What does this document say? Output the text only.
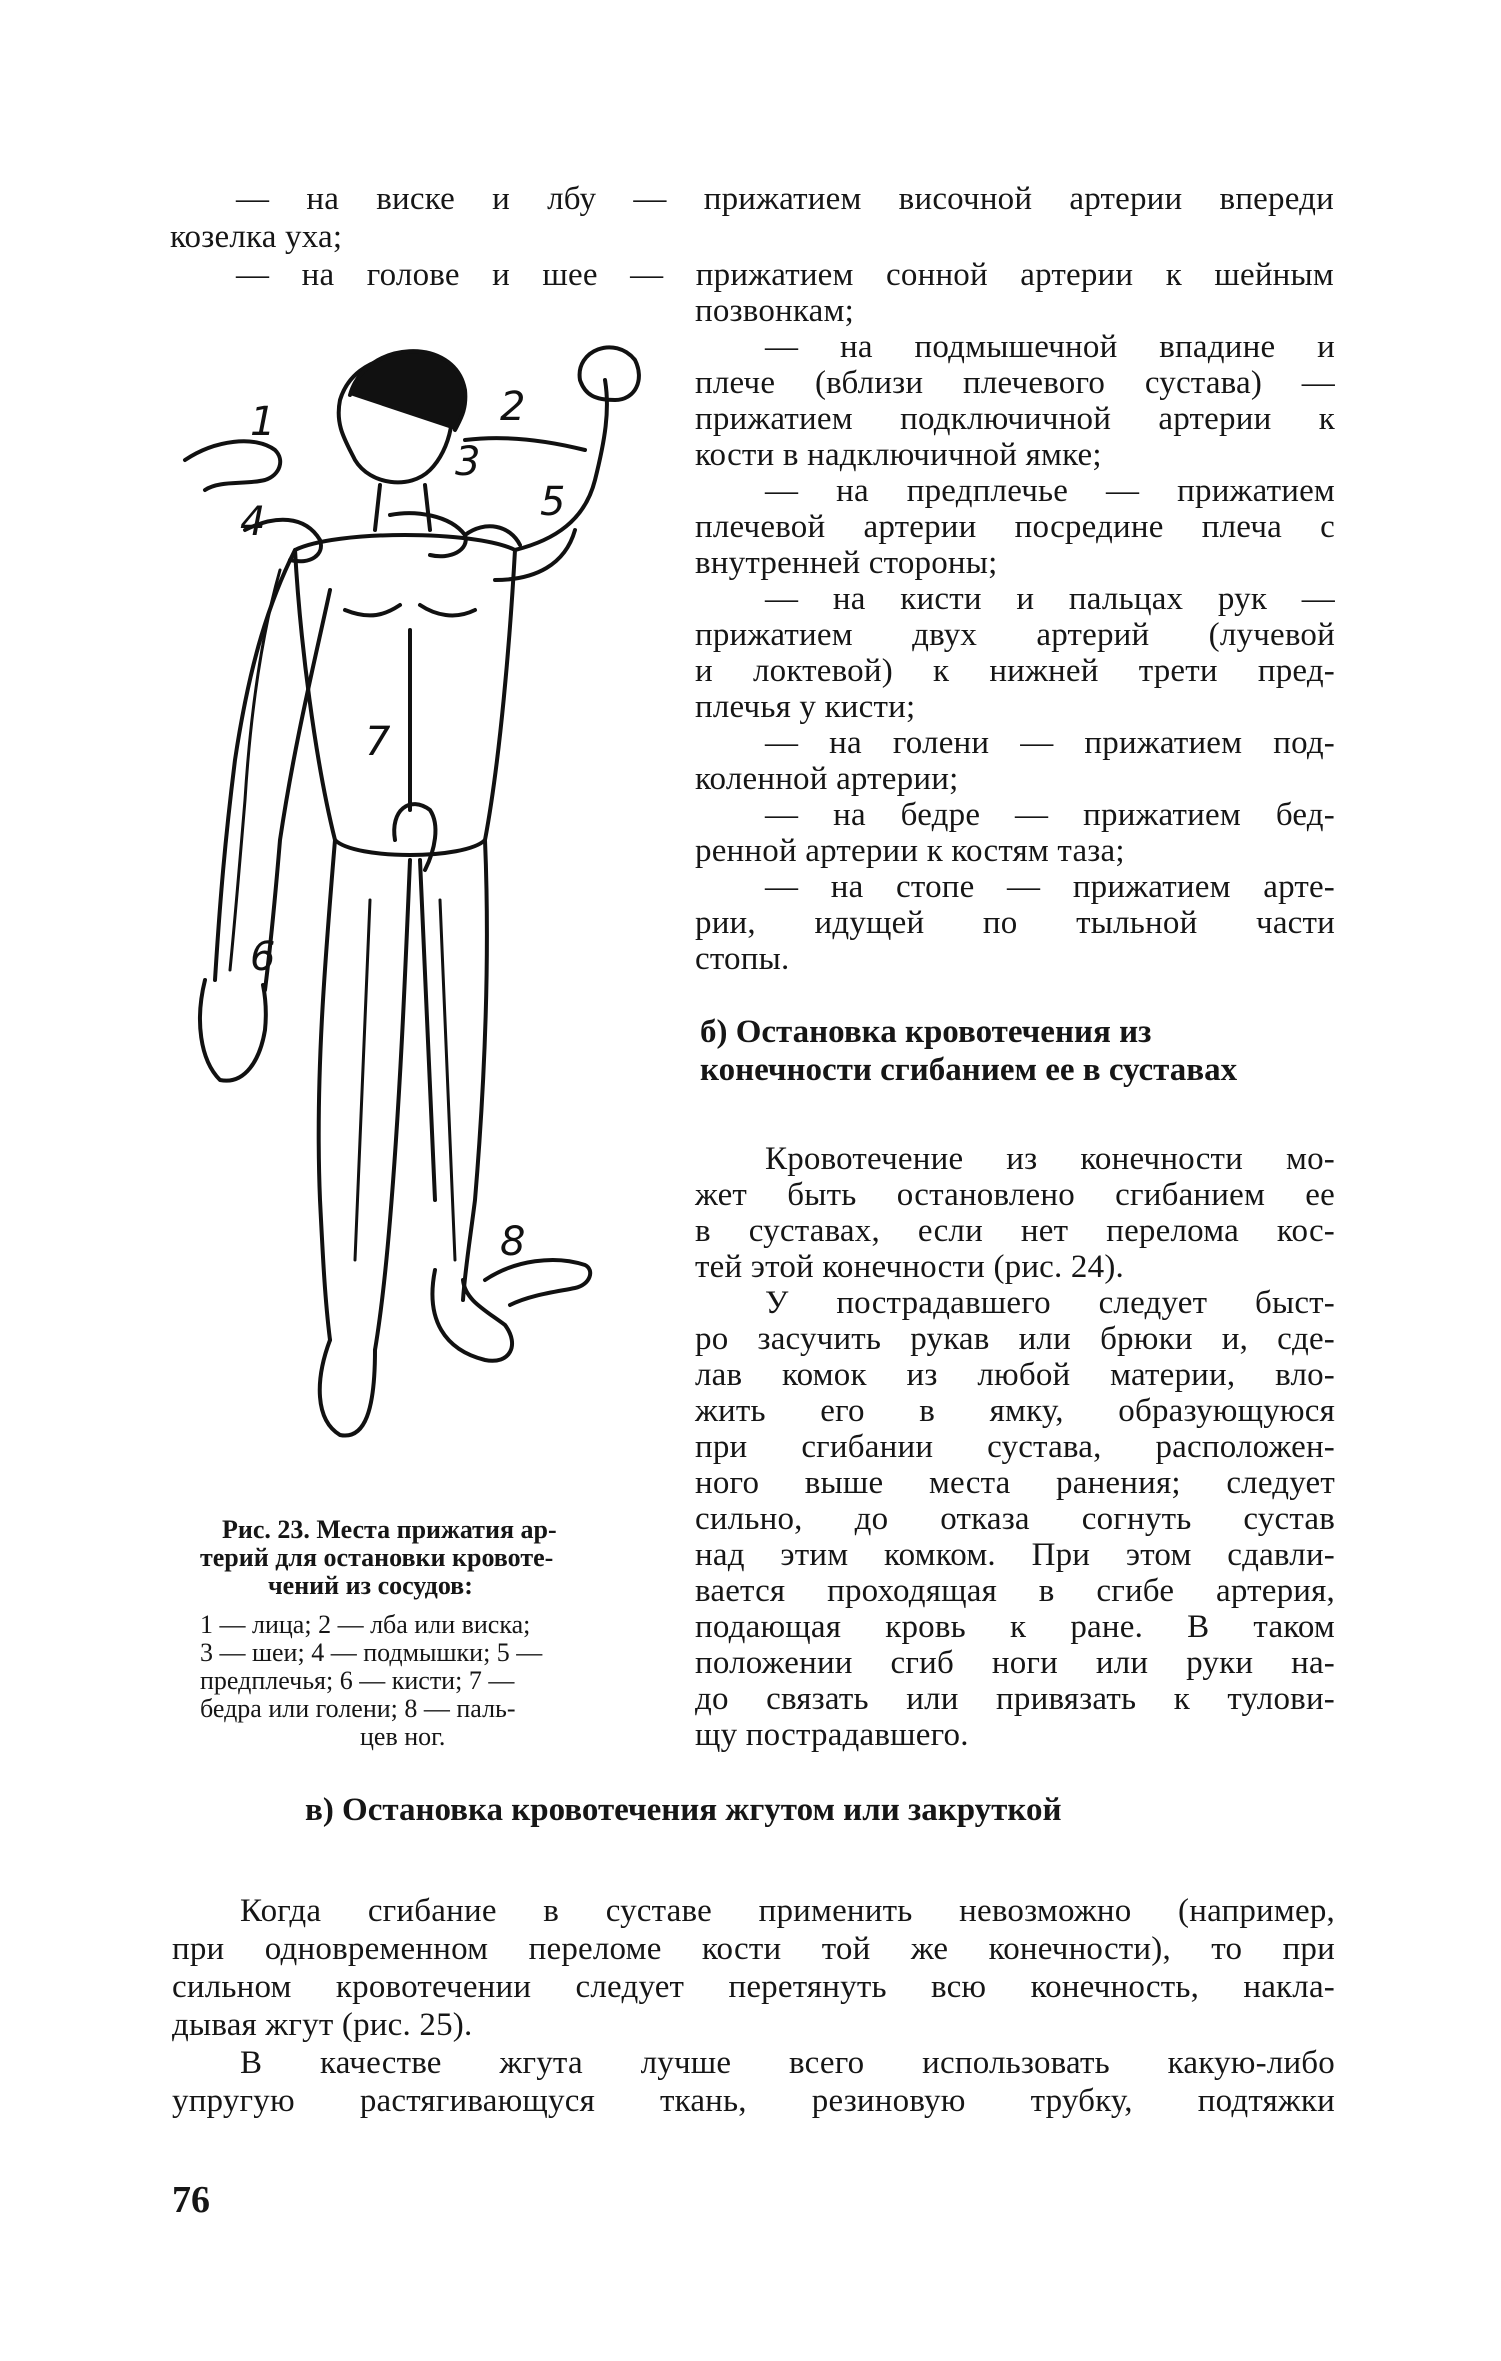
— на виске и лбу — прижатием височной артерии впереди

козелка уха;

— на голове и шее — прижатием сонной артерии к шейным

позвонкам;

— на подмышечной впадине и

плече (вблизи плечевого сустава) —

прижатием подключичной артерии к

кости в надключичной ямке;

— на предплечье — прижатием

плечевой артерии посредине плеча с

внутренней стороны;

— на кисти и пальцах рук —

прижатием двух артерий (лучевой

и локтевой) к нижней трети пред-

плечья у кисти;

— на голени — прижатием под-

коленной артерии;

— на бедре — прижатием бед-

ренной артерии к костям таза;

— на стопе — прижатием арте-

рии, идущей по тыльной части

стопы.

б) Остановка кровотечения из

конечности сгибанием ее в суставах

Кровотечение из конечности мо-

жет быть остановлено сгибанием ее

в суставах, если нет перелома кос-

тей этой конечности (рис. 24).

У пострадавшего следует быст-

ро засучить рукав или брюки и, сде-

лав комок из любой материи, вло-

жить его в ямку, образующуюся

при сгибании сустава, расположен-

ного выше места ранения; следует

сильно, до отказа согнуть сустав

над этим комком. При этом сдавли-

вается проходящая в сгибе артерия,

подающая кровь к ране. В таком

положении сгиб ноги или руки на-

до связать или привязать к тулови-

щу пострадавшего.

1	2
3
4	5
6
7
8

Рис. 23. Места прижатия ар-

терий для остановки кровоте-

чений из сосудов:

1 — лица; 2 — лба или виска;

3 — шеи; 4 — подмышки; 5 —

предплечья; 6 — кисти; 7 —

бедра или голени; 8 — паль-

цев ног.

в) Остановка кровотечения жгутом или закруткой

Когда сгибание в суставе применить невозможно (например,

при одновременном переломе кости той же конечности), то при

сильном кровотечении следует перетянуть всю конечность, накла-

дывая жгут (рис. 25).

В качестве жгута лучше всего использовать какую-либо

упругую растягивающуся ткань, резиновую трубку, подтяжки

76
